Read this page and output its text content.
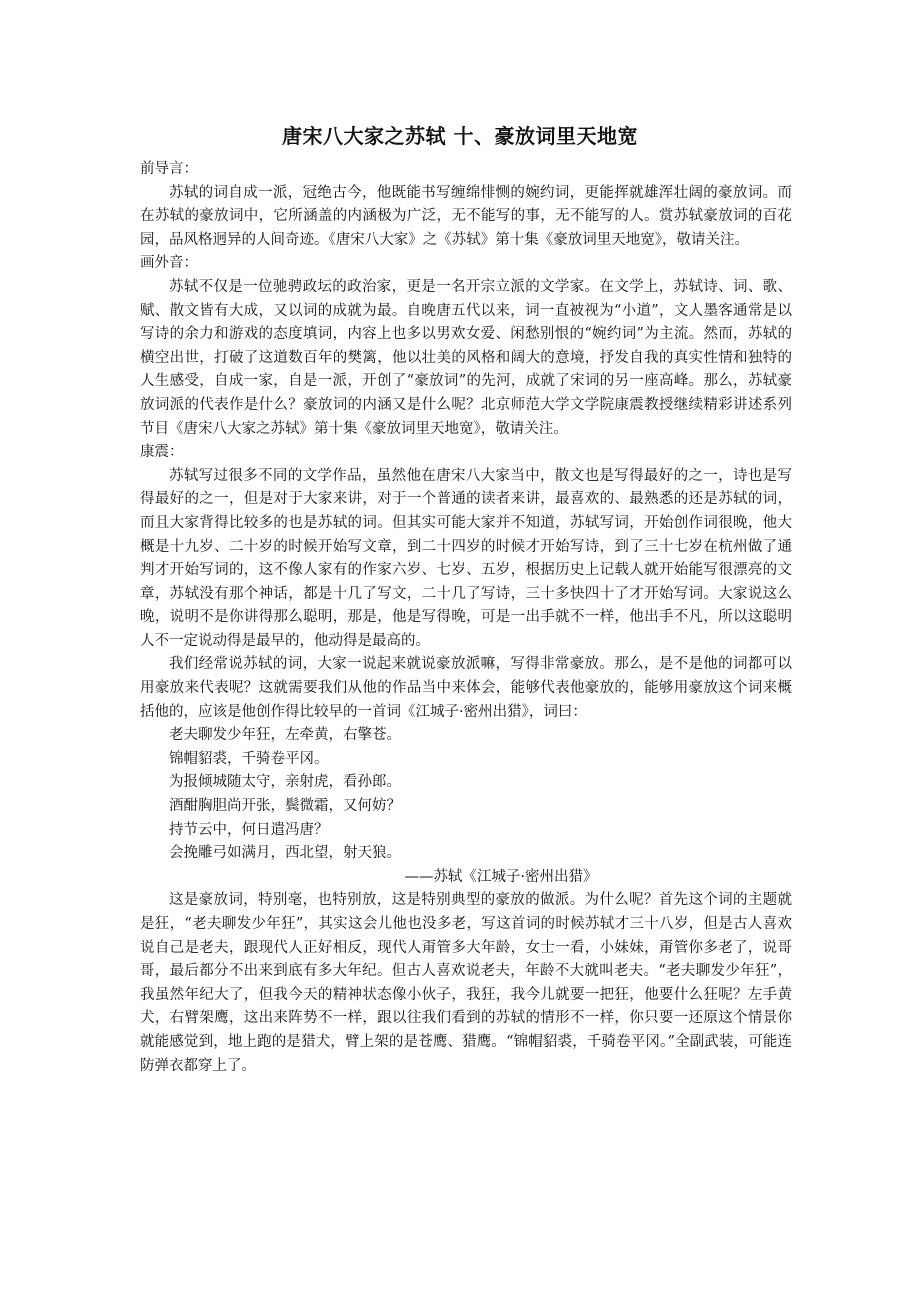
唐宋八大家之苏轼 十、豪放词里天地宽

前导言：

苏轼的词自成一派，冠绝古今，他既能书写缠绵悱恻的婉约词，更能挥就雄浑壮阔的豪放词。而在苏轼的豪放词中，它所涵盖的内涵极为广泛，无不能写的事，无不能写的人。赏苏轼豪放词的百花园，品风格迥异的人间奇迹。《唐宋八大家》之《苏轼》第十集《豪放词里天地宽》，敬请关注。

画外音：

苏轼不仅是一位驰骋政坛的政治家，更是一名开宗立派的文学家。在文学上，苏轼诗、词、歌、赋、散文皆有大成，又以词的成就为最。自晚唐五代以来，词一直被视为“小道”，文人墨客通常是以写诗的余力和游戏的态度填词，内容上也多以男欢女爱、闲愁别恨的“婉约词”为主流。然而，苏轼的横空出世，打破了这道数百年的樊篱，他以壮美的风格和阔大的意境，抒发自我的真实性情和独特的人生感受，自成一家，自是一派，开创了“豪放词”的先河，成就了宋词的另一座高峰。那么，苏轼豪放词派的代表作是什么？豪放词的内涵又是什么呢？北京师范大学文学院康震教授继续精彩讲述系列节目《唐宋八大家之苏轼》第十集《豪放词里天地宽》，敬请关注。

康震：

苏轼写过很多不同的文学作品，虽然他在唐宋八大家当中，散文也是写得最好的之一，诗也是写得最好的之一，但是对于大家来讲，对于一个普通的读者来讲，最喜欢的、最熟悉的还是苏轼的词，而且大家背得比较多的也是苏轼的词。但其实可能大家并不知道，苏轼写词，开始创作词很晚，他大概是十九岁、二十岁的时候开始写文章，到二十四岁的时候才开始写诗，到了三十七岁在杭州做了通判才开始写词的，这不像人家有的作家六岁、七岁、五岁，根据历史上记载人就开始能写很漂亮的文章，苏轼没有那个神话，都是十几了写文，二十几了写诗，三十多快四十了才开始写词。大家说这么晚，说明不是你讲得那么聪明，那是，他是写得晚，可是一出手就不一样，他出手不凡，所以这聪明人不一定说动得是最早的，他动得是最高的。

我们经常说苏轼的词，大家一说起来就说豪放派嘛，写得非常豪放。那么，是不是他的词都可以用豪放来代表呢？这就需要我们从他的作品当中来体会，能够代表他豪放的，能够用豪放这个词来概括他的，应该是他创作得比较早的一首词《江城子·密州出猎》，词曰：

老夫聊发少年狂，左牵黄，右擎苍。

锦帽貂裘，千骑卷平冈。

为报倾城随太守，亲射虎，看孙郎。

酒酣胸胆尚开张，鬓微霜，又何妨？

持节云中，何日遣冯唐？

会挽雕弓如满月，西北望，射天狼。

——苏轼《江城子·密州出猎》

这是豪放词，特别毫，也特别放，这是特别典型的豪放的做派。为什么呢？首先这个词的主题就是狂，“老夫聊发少年狂”，其实这会儿他也没多老，写这首词的时候苏轼才三十八岁，但是古人喜欢说自己是老夫，跟现代人正好相反，现代人甭管多大年龄，女士一看，小妹妹，甭管你多老了，说哥哥，最后都分不出来到底有多大年纪。但古人喜欢说老夫，年龄不大就叫老夫。“老夫聊发少年狂”，我虽然年纪大了，但我今天的精神状态像小伙子，我狂，我今儿就要一把狂，他要什么狂呢？左手黄犬，右臂架鹰，这出来阵势不一样，跟以往我们看到的苏轼的情形不一样，你只要一还原这个情景你就能感觉到，地上跑的是猎犬，臂上架的是苍鹰、猎鹰。“锦帽貂裘，千骑卷平冈。”全副武装，可能连防弹衣都穿上了。
